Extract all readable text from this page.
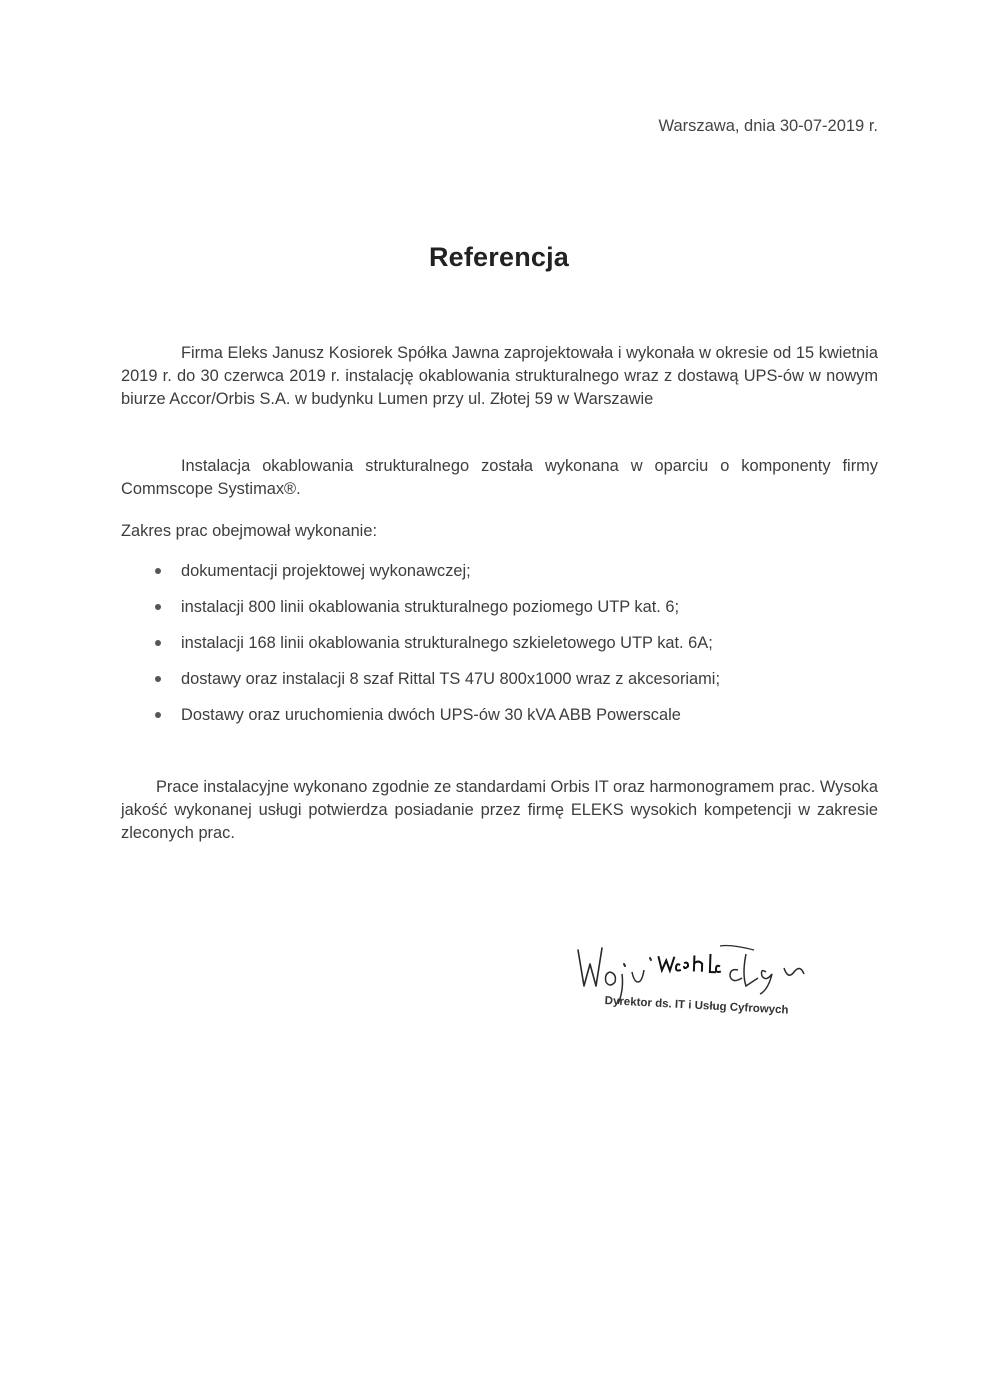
Warszawa, dnia 30-07-2019 r.
Referencja
Firma Eleks Janusz Kosiorek Spółka Jawna zaprojektowała i wykonała w okresie od 15 kwietnia 2019 r. do 30 czerwca 2019 r. instalację okablowania strukturalnego wraz z dostawą UPS-ów w nowym biurze Accor/Orbis S.A. w budynku Lumen przy ul. Złotej 59 w Warszawie
Instalacja okablowania strukturalnego została wykonana w oparciu o komponenty firmy Commscope Systimax®.
Zakres prac obejmował wykonanie:
dokumentacji projektowej wykonawczej;
instalacji 800 linii okablowania strukturalnego poziomego UTP kat. 6;
instalacji 168 linii okablowania strukturalnego szkieletowego UTP kat. 6A;
dostawy oraz instalacji 8 szaf Rittal TS 47U 800x1000 wraz z akcesoriami;
Dostawy oraz uruchomienia dwóch UPS-ów 30 kVA ABB Powerscale
Prace instalacyjne wykonano zgodnie ze standardami Orbis IT oraz harmonogramem prac. Wysoka jakość wykonanej usługi potwierdza posiadanie przez firmę ELEKS wysokich kompetencji w zakresie zleconych prac.
Dyrektor ds. IT i Usług Cyfrowych
